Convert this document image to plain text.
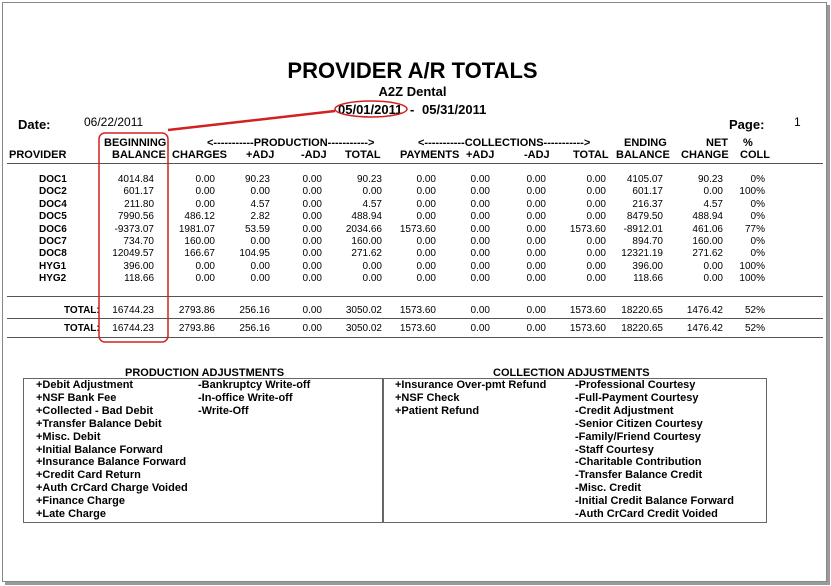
PROVIDER A/R TOTALS
A2Z Dental
05/01/2011 - 05/31/2011
Date:	06/22/2011	Page: 1
BEGINNING
BALANCE
<-----------PRODUCTION----------->	<-----------COLLECTIONS----------->	ENDING	NET %
PROVIDER	CHARGES +ADJ -ADJ TOTAL PAYMENTS +ADJ	-ADJ TOTAL BALANCE CHANGE COLL
DOC1	4014.84	0.00	90.23	0.00	90.23	0.00	0.00	0.00	0.00	4105.07	90.23	0%
DOC2	601.17	0.00	0.00	0.00	0.00	0.00	0.00	0.00	0.00	601.17	0.00	100%
DOC4	211.80	0.00	4.57	0.00	4.57	0.00	0.00	0.00	0.00	216.37	4.57	0%
DOC5	7990.56	486.12	2.82	0.00	488.94	0.00	0.00	0.00	0.00	8479.50	488.94	0%
DOC6	-9373.07	1981.07	53.59	0.00	2034.66	1573.60	0.00	0.00	1573.60	-8912.01	461.06	77%
DOC7	734.70	160.00	0.00	0.00	160.00	0.00	0.00	0.00	0.00	894.70	160.00	0%
DOC8	12049.57	166.67	104.95	0.00	271.62	0.00	0.00	0.00	0.00	12321.19	271.62	0%
HYG1	396.00	0.00	0.00	0.00	0.00	0.00	0.00	0.00	0.00	396.00	0.00	100%
HYG2	118.66	0.00	0.00	0.00	0.00	0.00	0.00	0.00	0.00	118.66	0.00	100%
TOTAL:	16744.23	2793.86	256.16	0.00	3050.02	1573.60	0.00	0.00	1573.60	18220.65	1476.42	52%
TOTAL:	16744.23	2793.86	256.16	0.00	3050.02	1573.60	0.00	0.00	1573.60	18220.65	1476.42	52%
PRODUCTION ADJUSTMENTS	COLLECTION ADJUSTMENTS
+Debit Adjustment
+NSF Bank Fee
+Collected - Bad Debit
+Transfer Balance Debit
+Misc. Debit
+Initial Balance Forward
+Insurance Balance Forward
+Credit Card Return
+Auth CrCard Charge Voided
+Finance Charge
+Late Charge
-Bankruptcy Write-off
-In-office Write-off
-Write-Off
+Insurance Over-pmt Refund
+NSF Check
+Patient Refund
-Professional Courtesy
-Full-Payment Courtesy
-Credit Adjustment
-Senior Citizen Courtesy
-Family/Friend Courtesy
-Staff Courtesy
-Charitable Contribution
-Transfer Balance Credit
-Misc. Credit
-Initial Credit Balance Forward
-Auth CrCard Credit Voided
